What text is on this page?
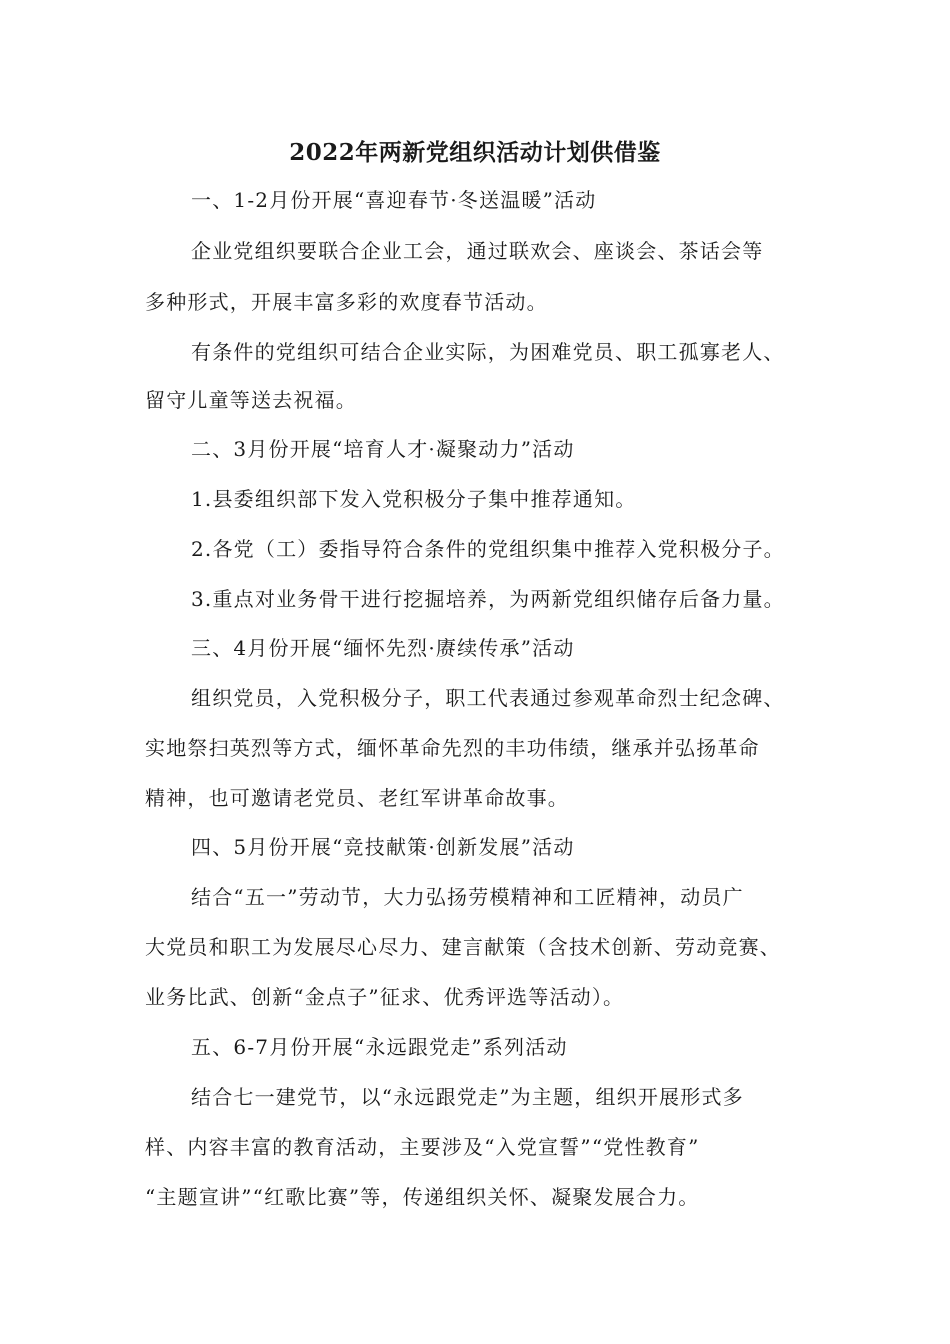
2022年两新党组织活动计划供借鉴
一、1-2月份开展“喜迎春节·冬送温暖”活动
企业党组织要联合企业工会，通过联欢会、座谈会、茶话会等
多种形式，开展丰富多彩的欢度春节活动。
有条件的党组织可结合企业实际，为困难党员、职工孤寡老人、
留守儿童等送去祝福。
二、3月份开展“培育人才·凝聚动力”活动
1.县委组织部下发入党积极分子集中推荐通知。
2.各党（工）委指导符合条件的党组织集中推荐入党积极分子。
3.重点对业务骨干进行挖掘培养，为两新党组织储存后备力量。
三、4月份开展“缅怀先烈·赓续传承”活动
组织党员，入党积极分子，职工代表通过参观革命烈士纪念碑、
实地祭扫英烈等方式，缅怀革命先烈的丰功伟绩，继承并弘扬革命
精神，也可邀请老党员、老红军讲革命故事。
四、5月份开展“竞技献策·创新发展”活动
结合“五一”劳动节，大力弘扬劳模精神和工匠精神，动员广
大党员和职工为发展尽心尽力、建言献策（含技术创新、劳动竞赛、
业务比武、创新“金点子”征求、优秀评选等活动）。
五、6-7月份开展“永远跟党走”系列活动
结合七一建党节，以“永远跟党走”为主题，组织开展形式多
样、内容丰富的教育活动，主要涉及“入党宣誓”“党性教育”
“主题宣讲”“红歌比赛”等，传递组织关怀、凝聚发展合力。
